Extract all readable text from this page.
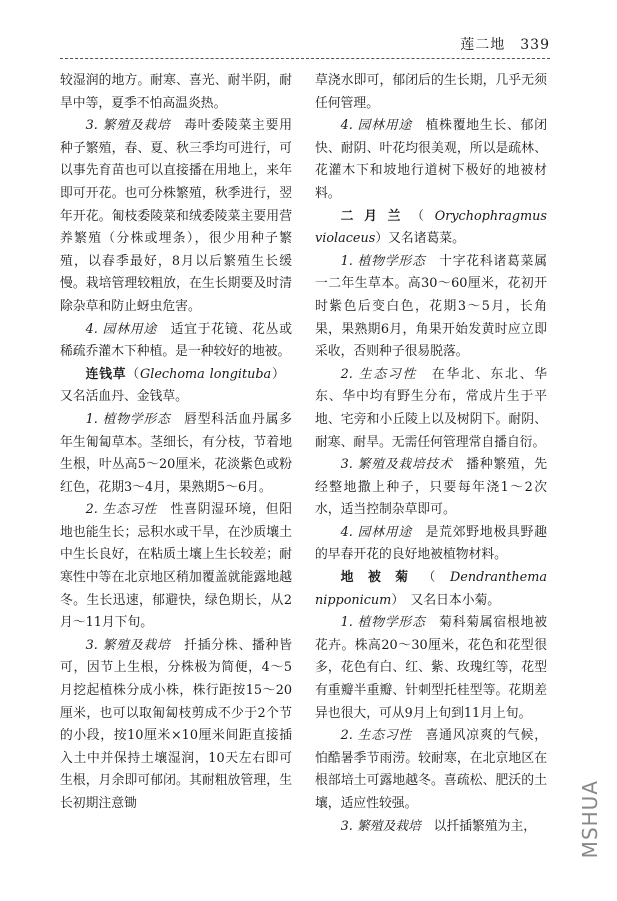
莲二地　339

较湿润的地方。耐寒、喜光、耐半阴，耐旱中等，夏季不怕高温炎热。

3. 繁殖及栽培　毒叶委陵菜主要用种子繁殖，春、夏、秋三季均可进行，可以事先育苗也可以直接播在用地上，来年即可开花。也可分株繁殖，秋季进行，翌年开花。匍枝委陵菜和绒委陵菜主要用营养繁殖（分株或埋条），很少用种子繁殖，以春季最好，8月以后繁殖生长缓慢。栽培管理较粗放，在生长期要及时清除杂草和防止蚜虫危害。

4. 园林用途　适宜于花镜、花丛或稀疏乔灌木下种植。是一种较好的地被。

连钱草（Glechoma longituba）　又名活血丹、金钱草。

1. 植物学形态　唇型科活血丹属多年生匍匐草本。茎细长，有分枝，节着地生根，叶丛高5～20厘米，花淡紫色或粉红色，花期3～4月，果熟期5～6月。

2. 生态习性　性喜阴湿环境，但阳地也能生长；忌积水或干旱，在沙质壤土中生长良好，在粘质土壤上生长较差；耐寒性中等在北京地区稍加覆盖就能露地越冬。生长迅速，郁避快，绿色期长，从2月～11月下旬。

3. 繁殖及栽培　扦插分株、播种皆可，因节上生根，分株极为简便，4～5月挖起植株分成小株，株行距按15～20厘米，也可以取匍匐枝剪成不少于2个节的小段，按10厘米×10厘米间距直接插入土中并保持土壤湿润，10天左右即可生根，月余即可郁闭。其耐粗放管理，生长初期注意锄

草浇水即可，郁闭后的生长期，几乎无须任何管理。

4. 园林用途　植株覆地生长、郁闭快、耐阴、叶花均很美观，所以是疏林、花灌木下和坡地行道树下极好的地被材料。

二月兰（Orychophragmus violaceus）又名诸葛菜。

1. 植物学形态　十字花科诸葛菜属一二年生草本。高30～60厘米，花初开时紫色后变白色，花期3～5月，长角果，果熟期6月，角果开始发黄时应立即采收，否则种子很易脱落。

2. 生态习性　在华北、东北、华东、华中均有野生分布，常成片生于平地、宅旁和小丘陵上以及树阴下。耐阴、耐寒、耐旱。无需任何管理常自播自衍。

3. 繁殖及栽培技术　播种繁殖，先经整地撒上种子，只要每年浇1～2次水，适当控制杂草即可。

4. 园林用途　是荒郊野地极具野趣的早春开花的良好地被植物材料。

地被菊（Dendranthema nipponicum）　又名日本小菊。

1. 植物学形态　菊科菊属宿根地被花卉。株高20～30厘米，花色和花型很多，花色有白、红、紫、玫瑰红等，花型有重瓣半重瓣、针刺型托桂型等。花期差异也很大，可从9月上旬到11月上旬。

2. 生态习性　喜通风凉爽的气候，怕酷暑季节雨涝。较耐寒，在北京地区在根部培土可露地越冬。喜疏松、肥沃的土壤，适应性较强。

3. 繁殖及栽培　以扦插繁殖为主，	MSHUA
